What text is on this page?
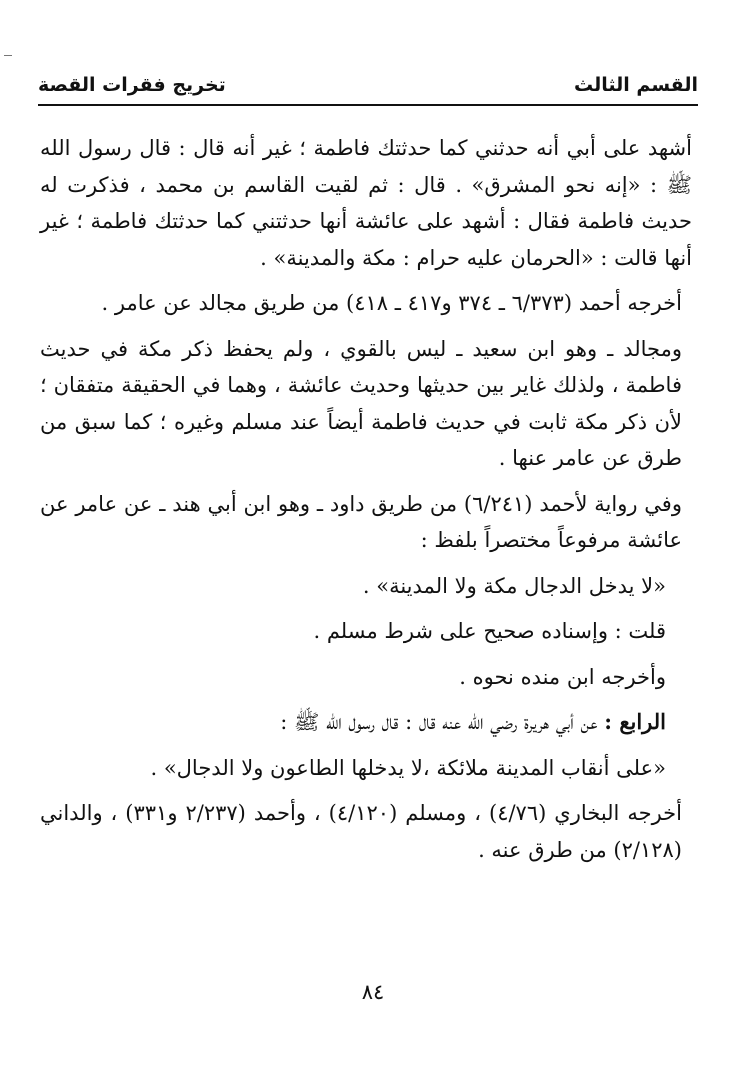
القسم الثالث
تخريج فقرات القصة

أشهد على أبي أنه حدثني كما حدثتك فاطمة ؛ غير أنه قال : قال رسول الله ﷺ : «إنه نحو المشرق» . قال : ثم لقيت القاسم بن محمد ، فذكرت له حديث فاطمة فقال : أشهد على عائشة أنها حدثتني كما حدثتك فاطمة ؛ غير أنها قالت : «الحرمان عليه حرام : مكة والمدينة» .

أخرجه أحمد (٦/٣٧٣ ـ ٣٧٤ و٤١٧ ـ ٤١٨) من طريق مجالد عن عامر .

ومجالد ـ وهو ابن سعيد ـ ليس بالقوي ، ولم يحفظ ذكر مكة في حديث فاطمة ، ولذلك غاير بين حديثها وحديث عائشة ، وهما في الحقيقة متفقان ؛ لأن ذكر مكة ثابت في حديث فاطمة أيضاً عند مسلم وغيره ؛ كما سبق من طرق عن عامر عنها .

وفي رواية لأحمد (٦/٢٤١) من طريق داود ـ وهو ابن أبي هند ـ عن عامر عن عائشة مرفوعاً مختصراً بلفظ :

«لا يدخل الدجال مكة ولا المدينة» .

قلت : وإسناده صحيح على شرط مسلم .

وأخرجه ابن منده نحوه .

الرابع : عن أبي هريرة رضي الله عنه قال : قال رسول الله ﷺ :

«على أنقاب المدينة ملائكة ،لا يدخلها الطاعون ولا الدجال» .

أخرجه البخاري (٤/٧٦) ، ومسلم (٤/١٢٠) ، وأحمد (٢/٢٣٧ و٣٣١) ، والداني (٢/١٢٨) من طرق عنه .

٨٤
